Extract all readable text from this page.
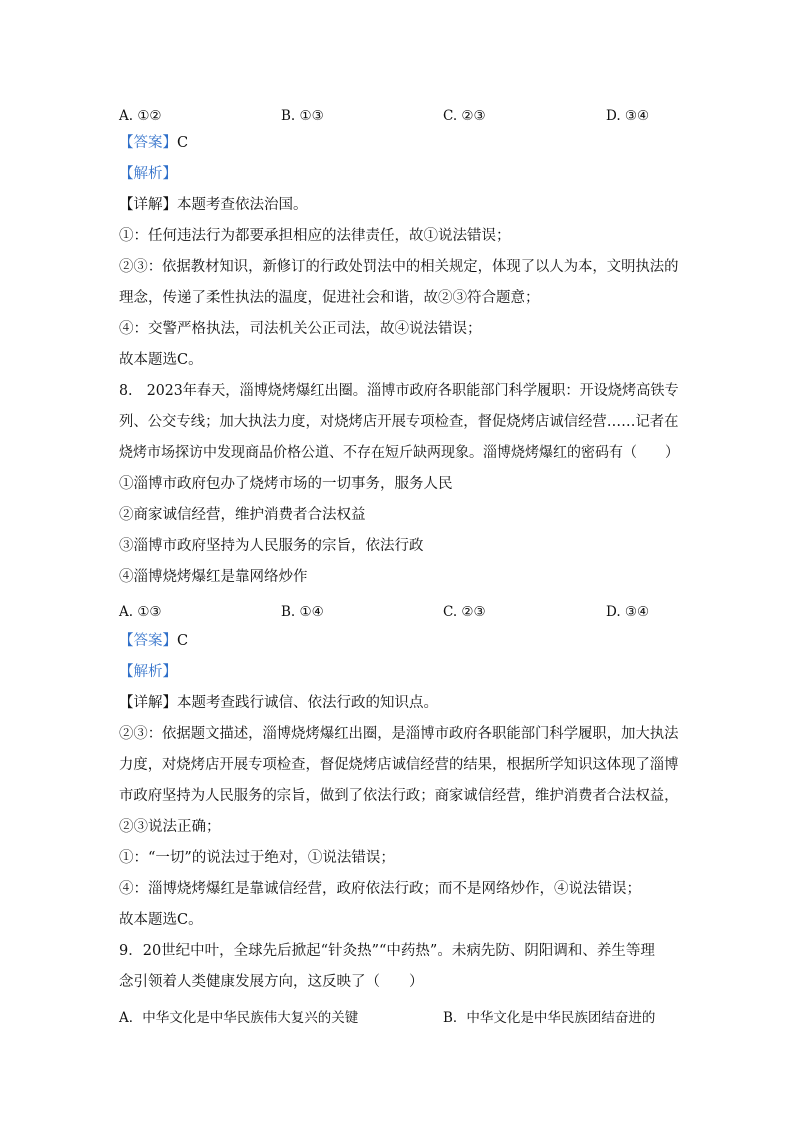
A. ①②	B. ①③	C. ②③	D. ③④
【答案】C
【解析】
【详解】本题考查依法治国。
①：任何违法行为都要承担相应的法律责任，故①说法错误；
②③：依据教材知识，新修订的行政处罚法中的相关规定，体现了以人为本，文明执法的
理念，传递了柔性执法的温度，促进社会和谐，故②③符合题意；
④：交警严格执法，司法机关公正司法，故④说法错误；
故本题选C。
8.　2023年春天，淄博烧烤爆红出圈。淄博市政府各职能部门科学履职：开设烧烤高铁专
列、公交专线；加大执法力度，对烧烤店开展专项检查，督促烧烤店诚信经营……记者在
烧烤市场探访中发现商品价格公道、不存在短斤缺两现象。淄博烧烤爆红的密码有（　　）
①淄博市政府包办了烧烤市场的一切事务，服务人民
②商家诚信经营，维护消费者合法权益
③淄博市政府坚持为人民服务的宗旨，依法行政
④淄博烧烤爆红是靠网络炒作
A. ①③	B. ①④	C. ②③	D. ③④
【答案】C
【解析】
【详解】本题考查践行诚信、依法行政的知识点。
②③：依据题文描述，淄博烧烤爆红出圈，是淄博市政府各职能部门科学履职，加大执法
力度，对烧烤店开展专项检查，督促烧烤店诚信经营的结果，根据所学知识这体现了淄博
市政府坚持为人民服务的宗旨，做到了依法行政；商家诚信经营，维护消费者合法权益，
②③说法正确；
①：“一切”的说法过于绝对，①说法错误；
④：淄博烧烤爆红是靠诚信经营，政府依法行政；而不是网络炒作，④说法错误；
故本题选C。
9．20世纪中叶，全球先后掀起“针灸热”“中药热”。未病先防、阴阳调和、养生等理
念引领着人类健康发展方向，这反映了（　　）
A．中华文化是中华民族伟大复兴的关键	B．中华文化是中华民族团结奋进的
